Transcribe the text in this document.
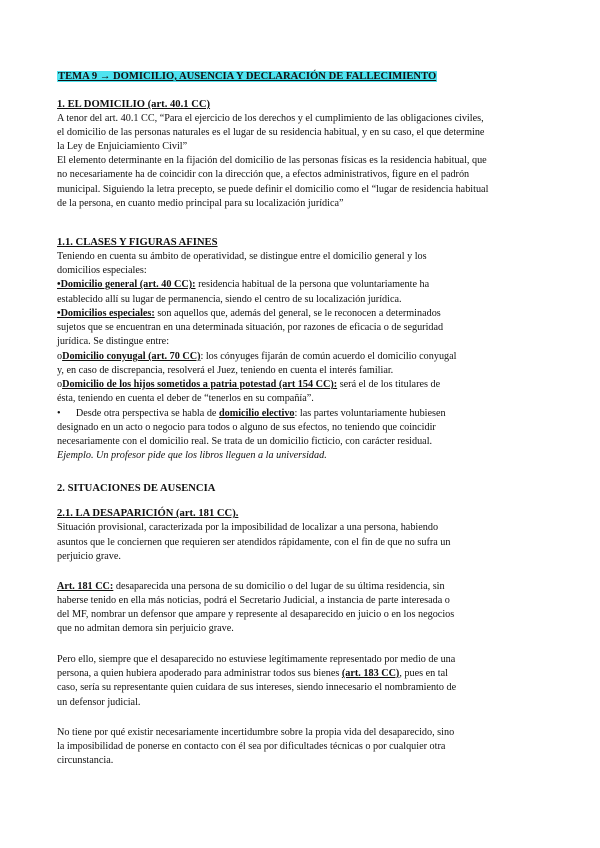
TEMA 9 → DOMICILIO, AUSENCIA Y DECLARACIÓN DE FALLECIMIENTO
1. EL DOMICILIO (art. 40.1 CC)
A tenor del art. 40.1 CC, “Para el ejercicio de los derechos y el cumplimiento de las obligaciones civiles,
el domicilio de las personas naturales es el lugar de su residencia habitual, y en su caso, el que determine
la Ley de Enjuiciamiento Civil”
El elemento determinante en la fijación del domicilio de las personas físicas es la residencia habitual, que
no necesariamente ha de coincidir con la dirección que, a efectos administrativos, figure en el padrón
municipal. Siguiendo la letra precepto, se puede definir el domicilio como el “lugar de residencia habitual
de la persona, en cuanto medio principal para su localización jurídica”
1.1. CLASES Y FIGURAS AFINES
Teniendo en cuenta su ámbito de operatividad, se distingue entre el domicilio general y los
domicilios especiales:
•Domicilio general (art. 40 CC): residencia habitual de la persona que voluntariamente ha
establecido allí su lugar de permanencia, siendo el centro de su localización jurídica.
•Domicilios especiales: son aquellos que, además del general, se le reconocen a determinados
sujetos que se encuentran en una determinada situación, por razones de eficacia o de seguridad
jurídica. Se distingue entre:
oDomicilio conyugal (art. 70 CC): los cónyuges fijarán de común acuerdo el domicilio conyugal
y, en caso de discrepancia, resolverá el Juez, teniendo en cuenta el interés familiar.
oDomicilio de los hijos sometidos a patria potestad (art 154 CC): será el de los titulares de
ésta, teniendo en cuenta el deber de “tenerlos en su compañía”.
•      Desde otra perspectiva se habla de domicilio electivo: las partes voluntariamente hubiesen
designado en un acto o negocio para todos o alguno de sus efectos, no teniendo que coincidir
necesariamente con el domicilio real. Se trata de un domicilio ficticio, con carácter residual.
Ejemplo. Un profesor pide que los libros lleguen a la universidad.
2. SITUACIONES DE AUSENCIA
2.1. LA DESAPARICIÓN (art. 181 CC).
Situación provisional, caracterizada por la imposibilidad de localizar a una persona, habiendo
asuntos que le conciernen que requieren ser atendidos rápidamente, con el fin de que no sufra un
perjuicio grave.
Art. 181 CC: desaparecida una persona de su domicilio o del lugar de su última residencia, sin
haberse tenido en ella más noticias, podrá el Secretario Judicial, a instancia de parte interesada o
del MF, nombrar un defensor que ampare y represente al desaparecido en juicio o en los negocios
que no admitan demora sin perjuicio grave.
Pero ello, siempre que el desaparecido no estuviese legítimamente representado por medio de una
persona, a quien hubiera apoderado para administrar todos sus bienes (art. 183 CC), pues en tal
caso, sería su representante quien cuidara de sus intereses, siendo innecesario el nombramiento de
un defensor judicial.
No tiene por qué existir necesariamente incertidumbre sobre la propia vida del desaparecido, sino
la imposibilidad de ponerse en contacto con él sea por dificultades técnicas o por cualquier otra
circunstancia.
